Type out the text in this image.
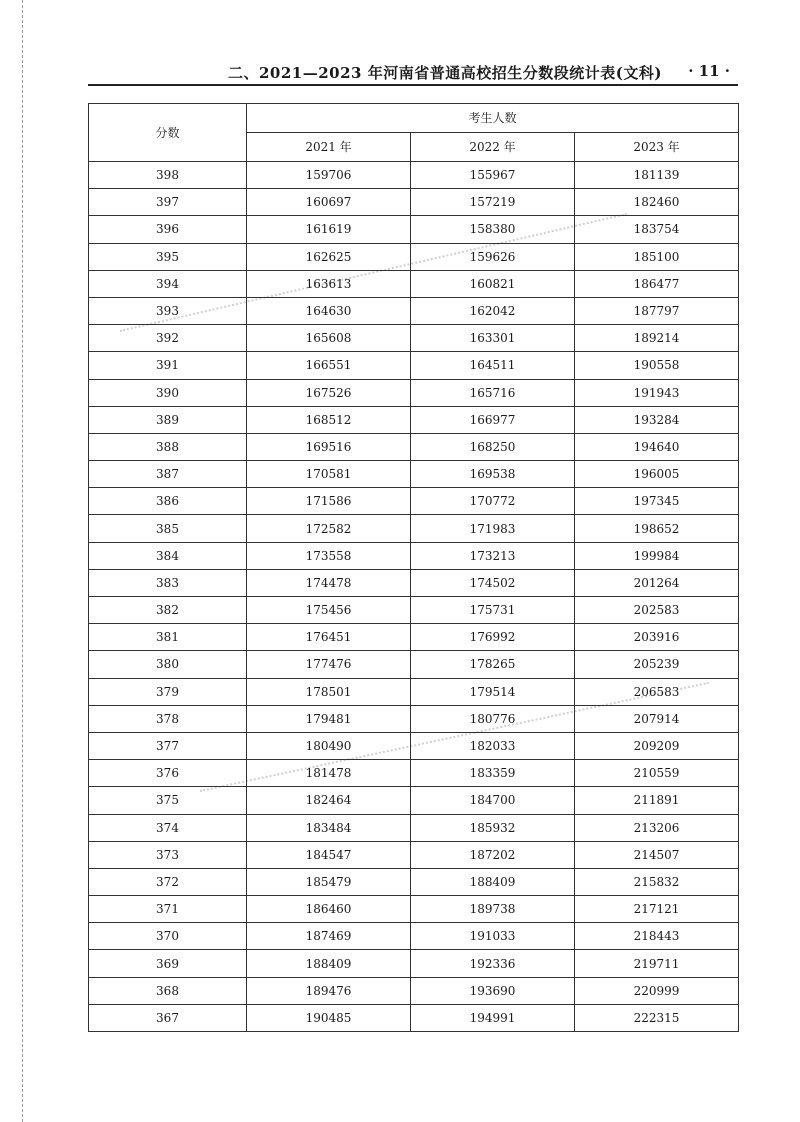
二、2021—2023 年河南省普通高校招生分数段统计表(文科) · 11 ·
分数	考生人数		
	2021 年	2022 年	2023 年
398	159706	155967	181139
397	160697	157219	182460
396	161619	158380	183754
395	162625	159626	185100
394	163613	160821	186477
393	164630	162042	187797
392	165608	163301	189214
391	166551	164511	190558
390	167526	165716	191943
389	168512	166977	193284
388	169516	168250	194640
387	170581	169538	196005
386	171586	170772	197345
385	172582	171983	198652
384	173558	173213	199984
383	174478	174502	201264
382	175456	175731	202583
381	176451	176992	203916
380	177476	178265	205239
379	178501	179514	206583
378	179481	180776	207914
377	180490	182033	209209
376	181478	183359	210559
375	182464	184700	211891
374	183484	185932	213206
373	184547	187202	214507
372	185479	188409	215832
371	186460	189738	217121
370	187469	191033	218443
369	188409	192336	219711
368	189476	193690	220999
367	190485	194991	222315
